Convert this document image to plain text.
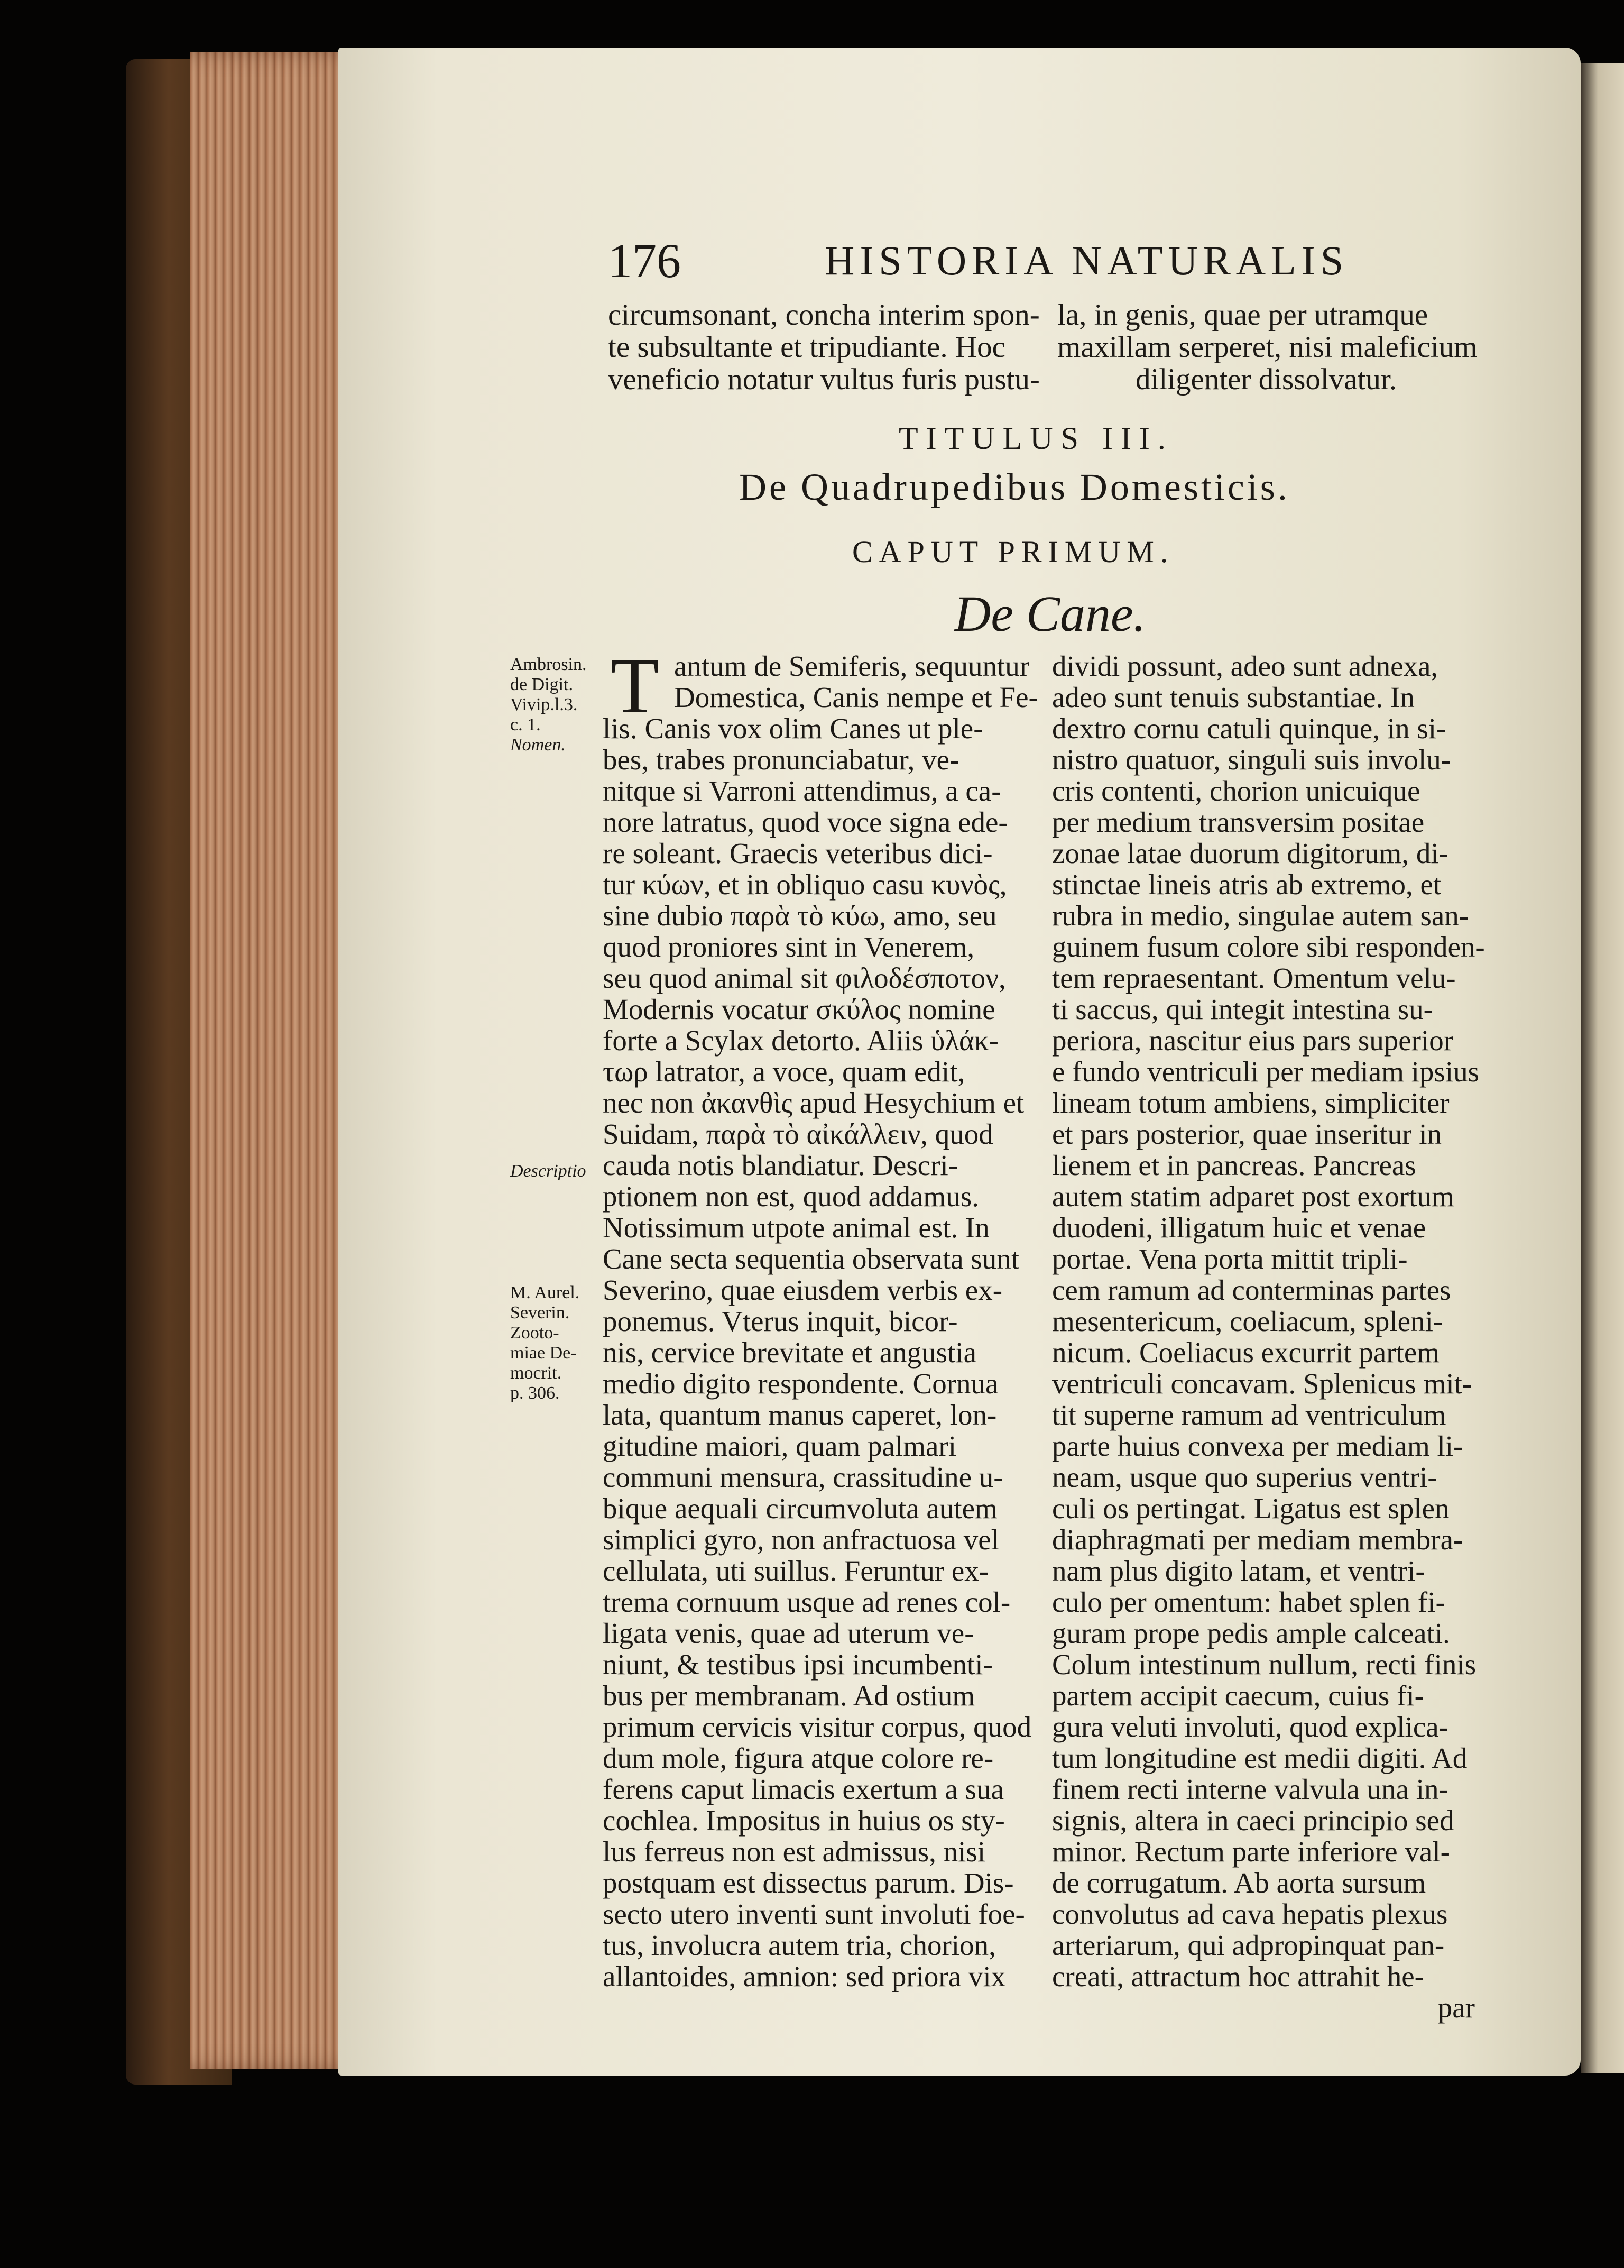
176	HISTORIA NATURALIS
circumsonant, concha interim spon-
te subsultante et tripudiante. Hoc
veneficio notatur vultus furis pustu-
la, in genis, quae per utramque
maxillam serperet, nisi maleficium
diligenter dissolvatur.
TITULUS III.
De Quadrupedibus Domesticis.
CAPUT PRIMUM.
De Cane.
Ambrosin.
de Digit.
Vivip.l.3.
c. 1.
Nomen.
Descriptio
M. Aurel.
Severin.
Zooto-
miae De-
mocrit.
p. 306.
T antum de Semiferis, sequuntur
Domestica, Canis nempe et Fe-
lis. Canis vox olim Canes ut ple-
bes, trabes pronunciabatur, ve-
nitque si Varroni attendimus, a ca-
nore latratus, quod voce signa ede-
re soleant. Graecis veteribus dici-
tur κύων, et in obliquo casu κυνὸς,
sine dubio παρὰ τὸ κύω, amo, seu
quod proniores sint in Venerem,
seu quod animal sit φιλοδέσποτον,
Modernis vocatur σκύλος nomine
forte a Scylax detorto. Aliis ὑλάκ-
τωρ latrator, a voce, quam edit,
nec non ἀκανθὶς apud Hesychium et
Suidam, παρὰ τὸ αἰκάλλειν, quod
cauda notis blandiatur. Descri-
ptionem non est, quod addamus.
Notissimum utpote animal est. In
Cane secta sequentia observata sunt
Severino, quae eiusdem verbis ex-
ponemus. Vterus inquit, bicor-
nis, cervice brevitate et angustia
medio digito respondente. Cornua
lata, quantum manus caperet, lon-
gitudine maiori, quam palmari
communi mensura, crassitudine u-
bique aequali circumvoluta autem
simplici gyro, non anfractuosa vel
cellulata, uti suillus. Feruntur ex-
trema cornuum usque ad renes col-
ligata venis, quae ad uterum ve-
niunt, & testibus ipsi incumbenti-
bus per membranam. Ad ostium
primum cervicis visitur corpus, quod
dum mole, figura atque colore re-
ferens caput limacis exertum a sua
cochlea. Impositus in huius os sty-
lus ferreus non est admissus, nisi
postquam est dissectus parum. Dis-
secto utero inventi sunt involuti foe-
tus, involucra autem tria, chorion,
allantoides, amnion: sed priora vix
dividi possunt, adeo sunt adnexa,
adeo sunt tenuis substantiae. In
dextro cornu catuli quinque, in si-
nistro quatuor, singuli suis involu-
cris contenti, chorion unicuique
per medium transversim positae
zonae latae duorum digitorum, di-
stinctae lineis atris ab extremo, et
rubra in medio, singulae autem san-
guinem fusum colore sibi responden-
tem repraesentant. Omentum velu-
ti saccus, qui integit intestina su-
periora, nascitur eius pars superior
e fundo ventriculi per mediam ipsius
lineam totum ambiens, simpliciter
et pars posterior, quae inseritur in
lienem et in pancreas. Pancreas
autem statim adparet post exortum
duodeni, illigatum huic et venae
portae. Vena porta mittit tripli-
cem ramum ad conterminas partes
mesentericum, coeliacum, spleni-
nicum. Coeliacus excurrit partem
ventriculi concavam. Splenicus mit-
tit superne ramum ad ventriculum
parte huius convexa per mediam li-
neam, usque quo superius ventri-
culi os pertingat. Ligatus est splen
diaphragmati per mediam membra-
nam plus digito latam, et ventri-
culo per omentum: habet splen fi-
guram prope pedis ample calceati.
Colum intestinum nullum, recti finis
partem accipit caecum, cuius fi-
gura veluti involuti, quod explica-
tum longitudine est medii digiti. Ad
finem recti interne valvula una in-
signis, altera in caeci principio sed
minor. Rectum parte inferiore val-
de corrugatum. Ab aorta sursum
convolutus ad cava hepatis plexus
arteriarum, qui adpropinquat pan-
creati, attractum hoc attrahit he-
par
